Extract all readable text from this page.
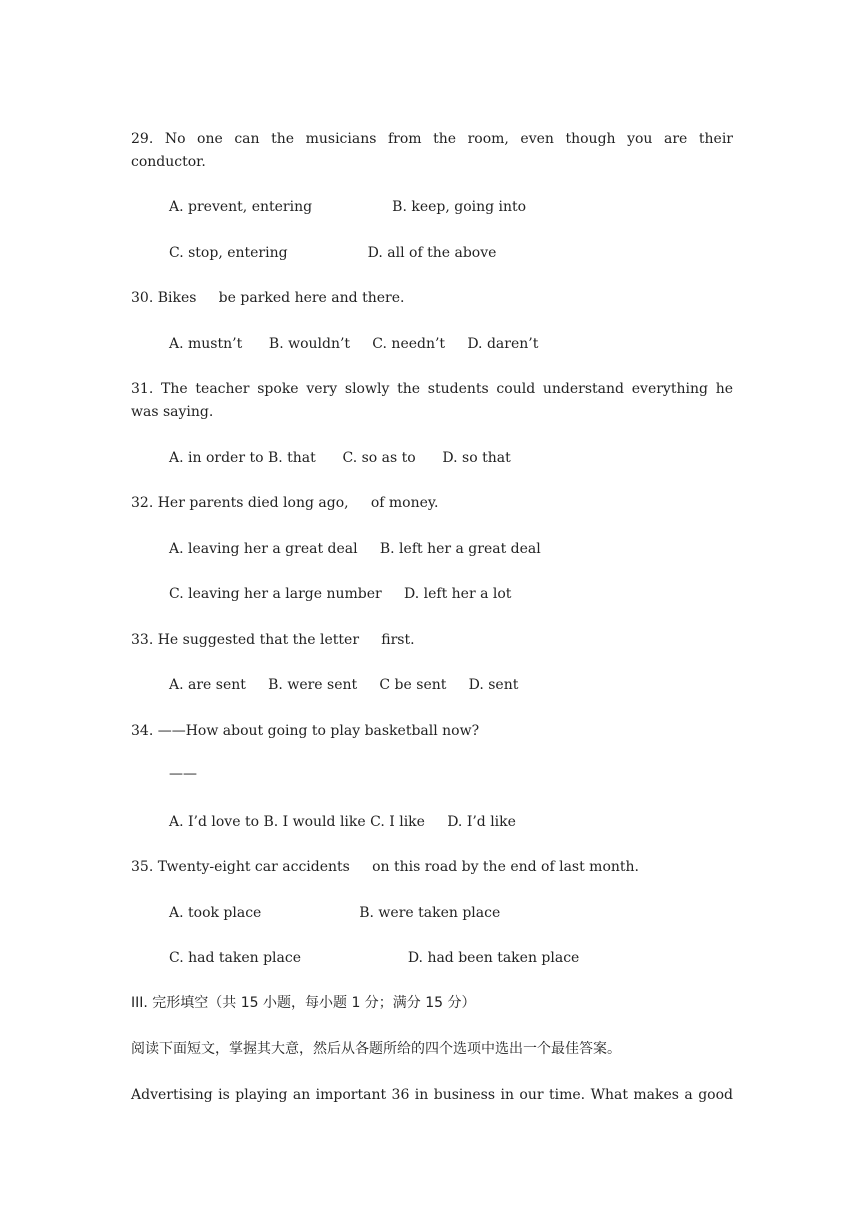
29. No one can the musicians from the room, even though you are their
conductor.
A. prevent, entering                  B. keep, going into
C. stop, entering                  D. all of the above
30. Bikes     be parked here and there.
A. mustn’t      B. wouldn’t     C. needn’t     D. daren’t
31. The teacher spoke very slowly the students could understand everything he
was saying.
A. in order to B. that      C. so as to      D. so that
32. Her parents died long ago,     of money.
A. leaving her a great deal     B. left her a great deal
C. leaving her a large number     D. left her a lot
33. He suggested that the letter     first.
A. are sent     B. were sent     C be sent     D. sent
34. ——How about going to play basketball now?
——
A. I’d love to B. I would like C. I like     D. I’d like
35. Twenty-eight car accidents     on this road by the end of last month.
A. took place                      B. were taken place
C. had taken place                        D. had been taken place
III. 完形填空（共 15 小题，每小题 1 分；满分 15 分）
阅读下面短文，掌握其大意，然后从各题所给的四个选项中选出一个最佳答案。
Advertising is playing an important 36 in business in our time. What makes a good
